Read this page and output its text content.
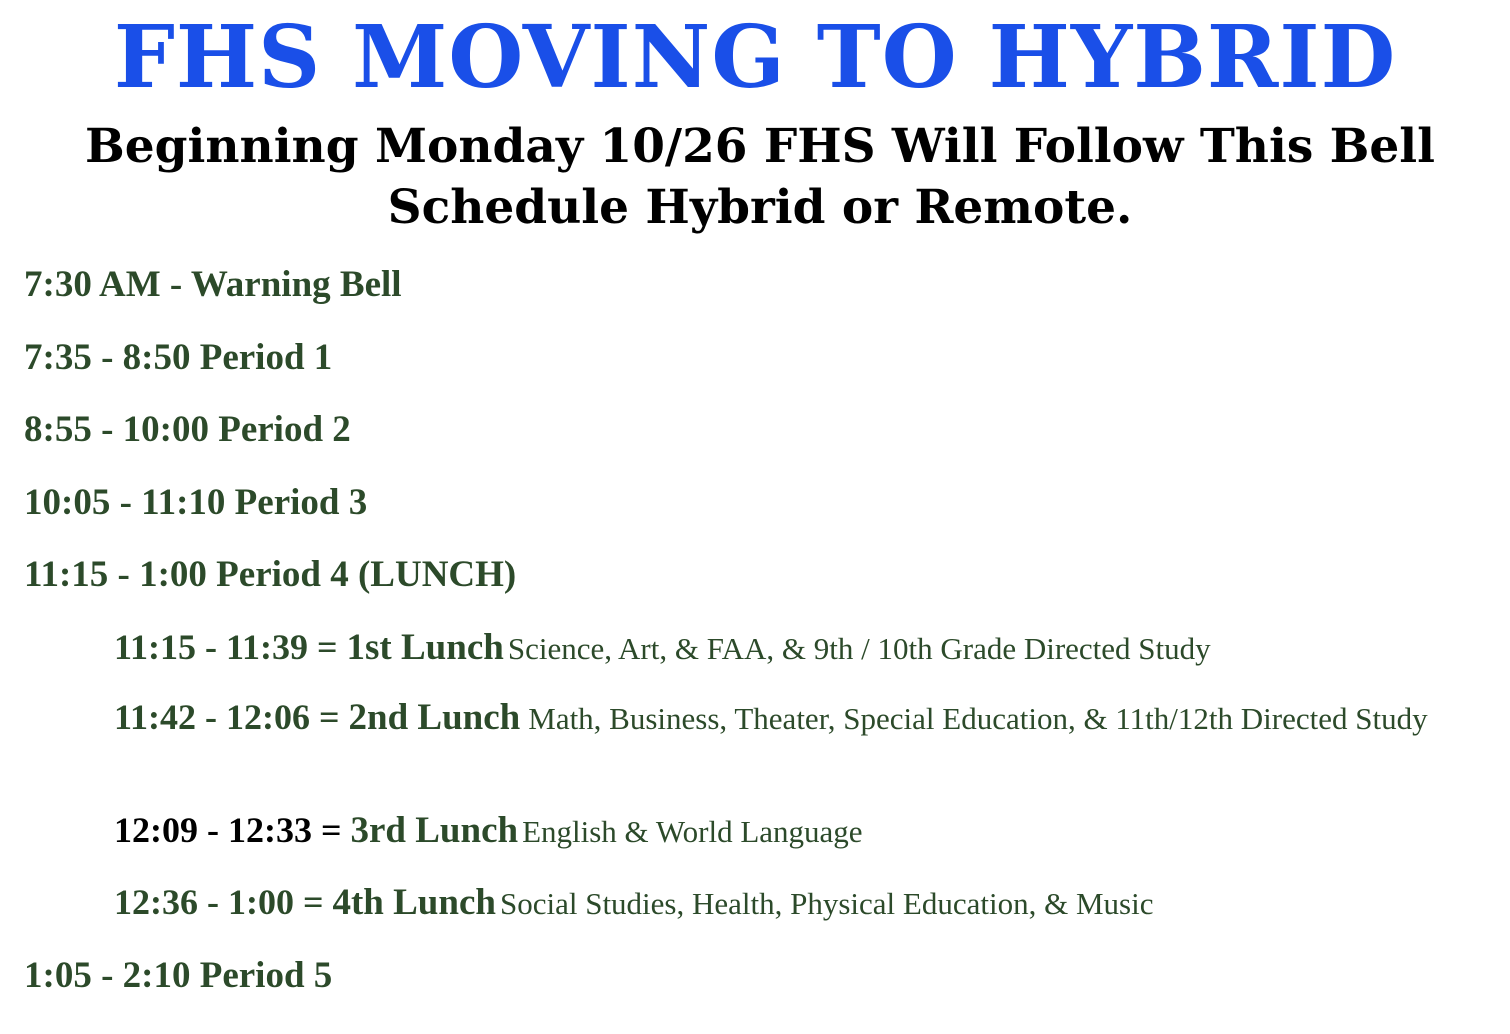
FHS MOVING TO HYBRID
Beginning Monday 10/26 FHS Will Follow This Bell Schedule Hybrid or Remote.
7:30 AM - Warning Bell
7:35 - 8:50 Period 1
8:55 - 10:00 Period 2
10:05 - 11:10 Period 3
11:15 - 1:00 Period 4 (LUNCH)
11:15 - 11:39 = 1st Lunch Science, Art, & FAA, & 9th / 10th Grade Directed Study
11:42 - 12:06 = 2nd Lunch Math, Business, Theater, Special Education, & 11th/12th Directed Study
12:09 - 12:33 = 3rd Lunch English & World Language
12:36 - 1:00 = 4th Lunch Social Studies, Health, Physical Education, & Music
1:05 - 2:10 Period 5
